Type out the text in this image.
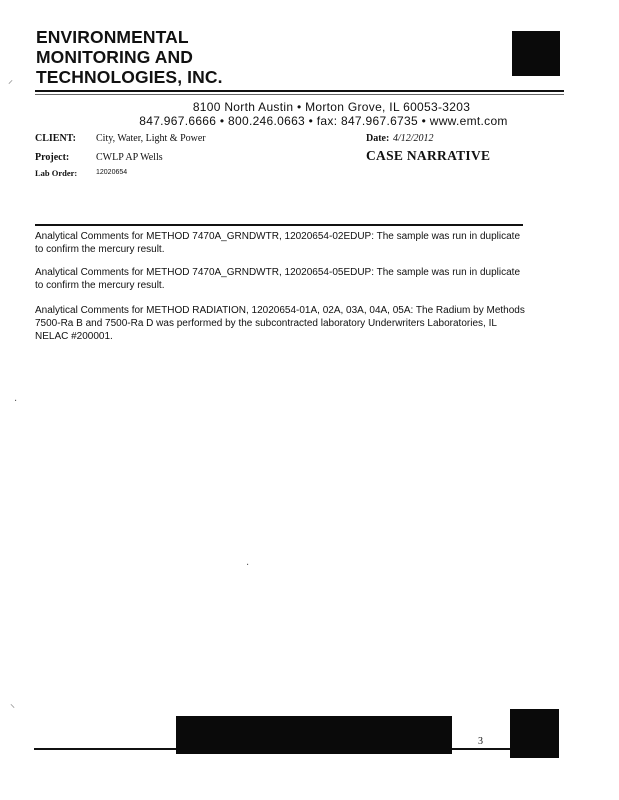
ENVIRONMENTAL
MONITORING AND
TECHNOLOGIES, INC.
⸝
8100 North Austin • Morton Grove, IL 60053-3203
847.967.6666 • 800.246.0663 • fax: 847.967.6735 • www.emt.com
CLIENT: City, Water, Light & Power	Date: 4/12/2012
Project:	CWLP AP Wells	CASE NARRATIVE
Lab Order:	12020654
Analytical Comments for METHOD 7470A_GRNDWTR, 12020654-02EDUP: The sample was run in duplicate to confirm the mercury result.
Analytical Comments for METHOD 7470A_GRNDWTR, 12020654-05EDUP: The sample was run in duplicate to confirm the mercury result.
Analytical Comments for METHOD RADIATION, 12020654-01A, 02A, 03A, 04A, 05A: The Radium by Methods 7500-Ra B and 7500-Ra D was performed by the subcontracted laboratory Underwriters Laboratories, IL NELAC #200001.
·
·
⸜
3
